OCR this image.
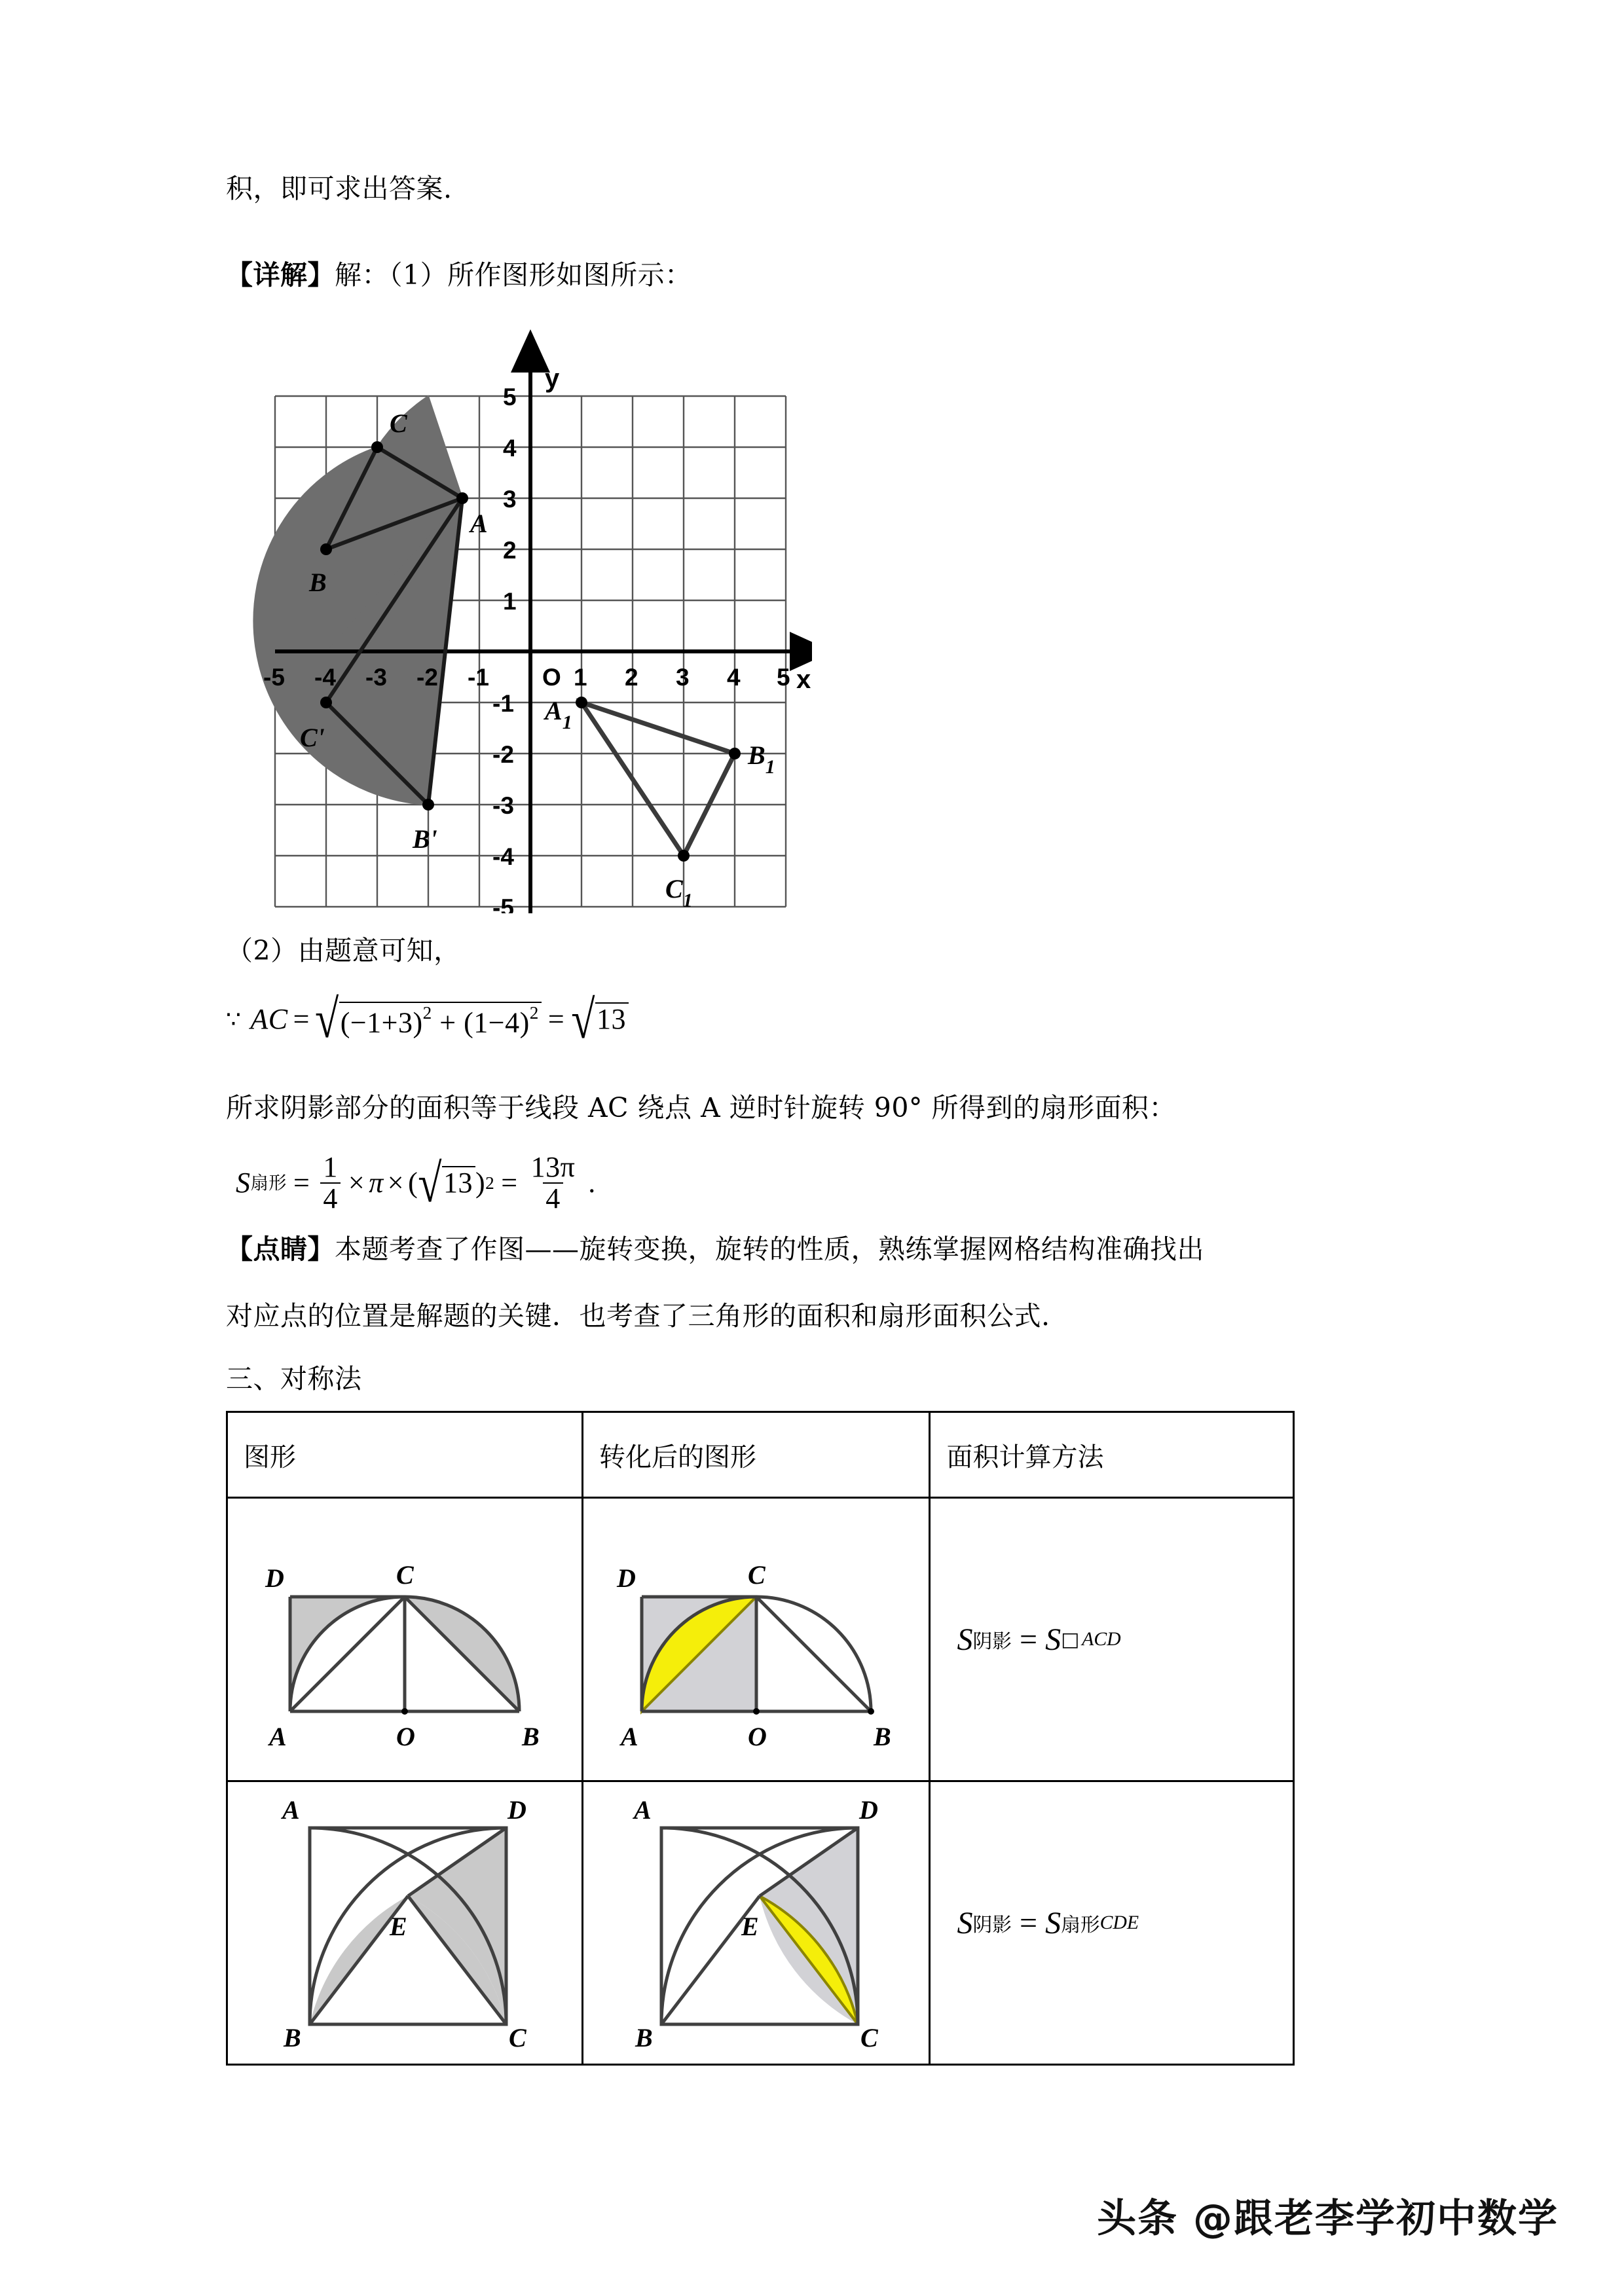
积，即可求出答案.
【详解】解：（1）所作图形如图所示：
C
B
A
C'
B'
$A_1$
$B_1$
$C_1$
-5 -4 -3 -2 -1 O 1 2 3 4 5
5
4
3
2
1
-1
-2
-3
-4
-5
y
x
（2）由题意可知，
∵ AC = √ (−1+3)2 + (1−4)2 = √ 13
所求阴影部分的面积等于线段 AC 绕点 A 逆时针旋转 90° 所得到的扇形面积：
S 扇形 = $\frac{1}{4} \times \pi$ × ( √ 13 ) $2 = \frac{13\pi}{4}$ .
【点睛】本题考查了作图——旋转变换，旋转的性质，熟练掌握网格结构准确找出
对应点的位置是解题的关键．也考查了三角形的面积和扇形面积公式.
三、对称法
图形	转化后的图形	面积计算方法

D	C
A	O	B

D	C
A	O	B

S 阴影 = S □ ACD

A	D
E
B	C

A	D
E
B	C

S 阴影 = S 扇形 CDE
头条 @跟老李学初中数学
